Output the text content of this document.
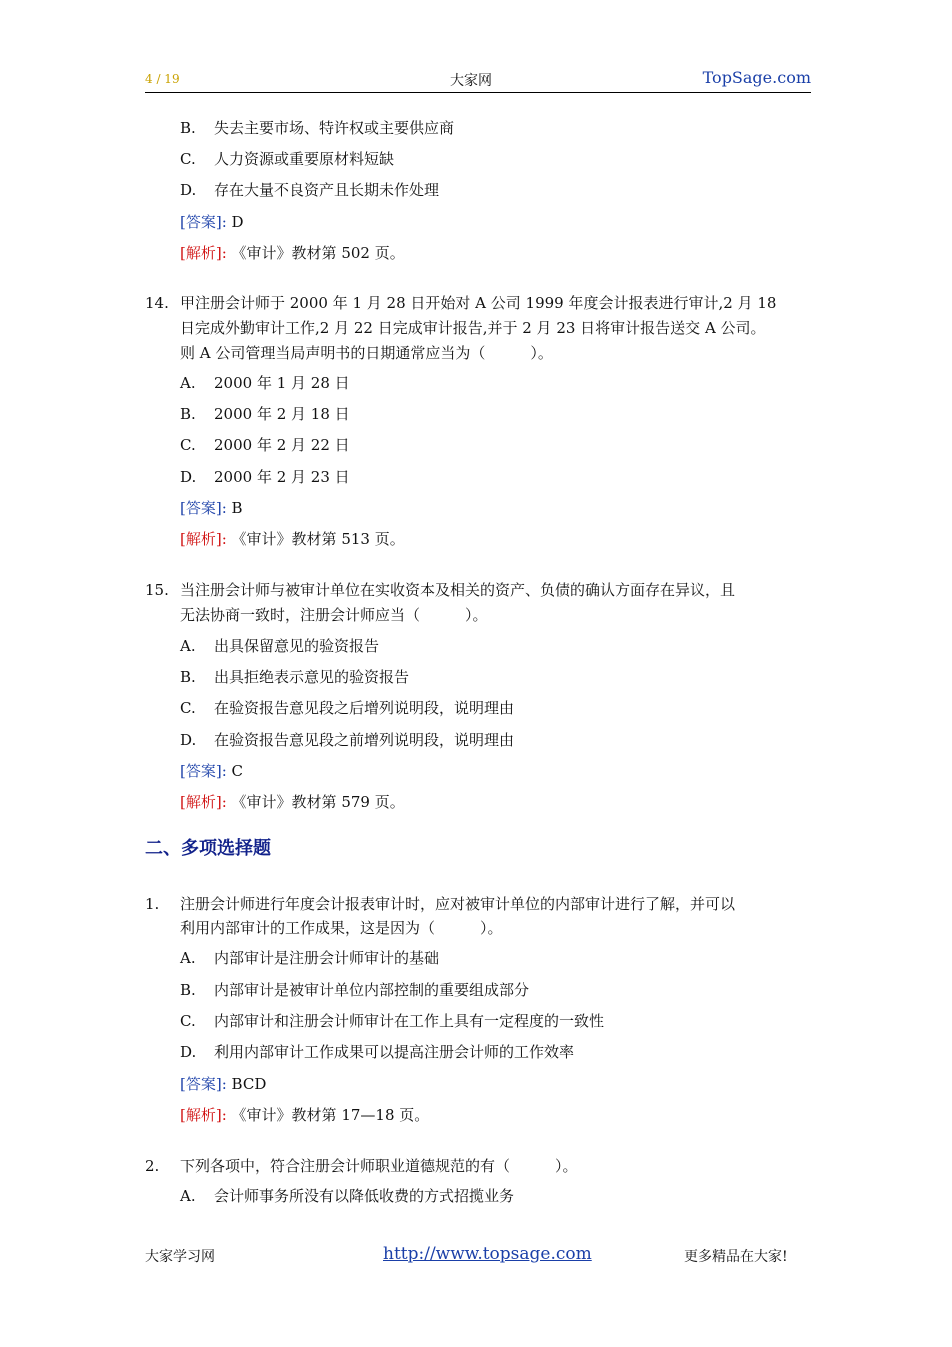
4 / 19	大家网	TopSage.com
B. 失去主要市场、特许权或主要供应商
C. 人力资源或重要原材料短缺
D. 存在大量不良资产且长期未作处理
[答案]: D
[解析]: 《审计》教材第 502 页。
14. 甲注册会计师于 2000 年 1 月 28 日开始对 A 公司 1999 年度会计报表进行审计,2 月 18
日完成外勤审计工作,2 月 22 日完成审计报告,并于 2 月 23 日将审计报告送交 A 公司。
则 A 公司管理当局声明书的日期通常应当为（　　　）。
A. 2000 年 1 月 28 日
B. 2000 年 2 月 18 日
C. 2000 年 2 月 22 日
D. 2000 年 2 月 23 日
[答案]: B
[解析]: 《审计》教材第 513 页。
15. 当注册会计师与被审计单位在实收资本及相关的资产、负债的确认方面存在异议，且
无法协商一致时，注册会计师应当（　　　）。
A. 出具保留意见的验资报告
B. 出具拒绝表示意见的验资报告
C. 在验资报告意见段之后增列说明段，说明理由
D. 在验资报告意见段之前增列说明段，说明理由
[答案]: C
[解析]: 《审计》教材第 579 页。
二、多项选择题
1. 注册会计师进行年度会计报表审计时，应对被审计单位的内部审计进行了解，并可以
利用内部审计的工作成果，这是因为（　　　）。
A. 内部审计是注册会计师审计的基础
B. 内部审计是被审计单位内部控制的重要组成部分
C. 内部审计和注册会计师审计在工作上具有一定程度的一致性
D. 利用内部审计工作成果可以提高注册会计师的工作效率
[答案]: BCD
[解析]: 《审计》教材第 17—18 页。
2. 下列各项中，符合注册会计师职业道德规范的有（　　　）。
A. 会计师事务所没有以降低收费的方式招揽业务
大家学习网	http://www.topsage.com	更多精品在大家!
